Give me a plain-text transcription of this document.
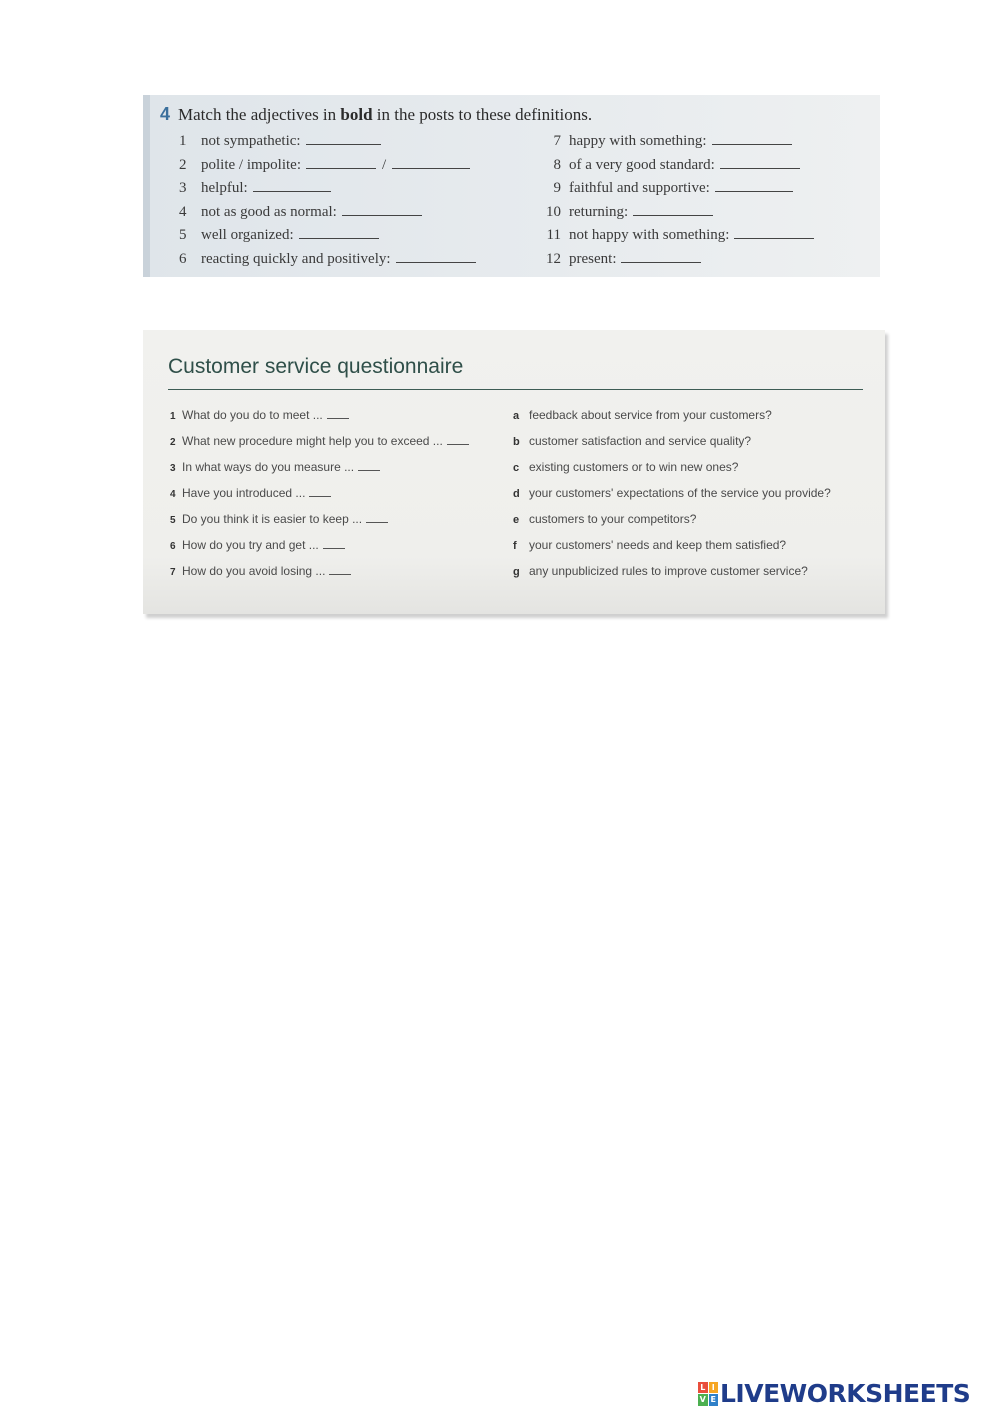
4 Match the adjectives in bold in the posts to these definitions.
1 not sympathetic:
2 polite / impolite:	/
3 helpful:
4 not as good as normal:
5 well organized:
6 reacting quickly and positively:
7 happy with something:
8 of a very good standard:
9 faithful and supportive:
10 returning:
11 not happy with something:
12 present:
Customer service questionnaire
1 What do you do to meet ...
2 What new procedure might help you to exceed ...
3 In what ways do you measure ...
4 Have you introduced ...
5 Do you think it is easier to keep ...
6 How do you try and get ...
7 How do you avoid losing ...
a feedback about service from your customers?
b customer satisfaction and service quality?
c existing customers or to win new ones?
d your customers' expectations of the service you provide?
e customers to your competitors?
f	your customers' needs and keep them satisfied?
g any unpublicized rules to improve customer service?
L I
V E LIVEWORKSHEETS
